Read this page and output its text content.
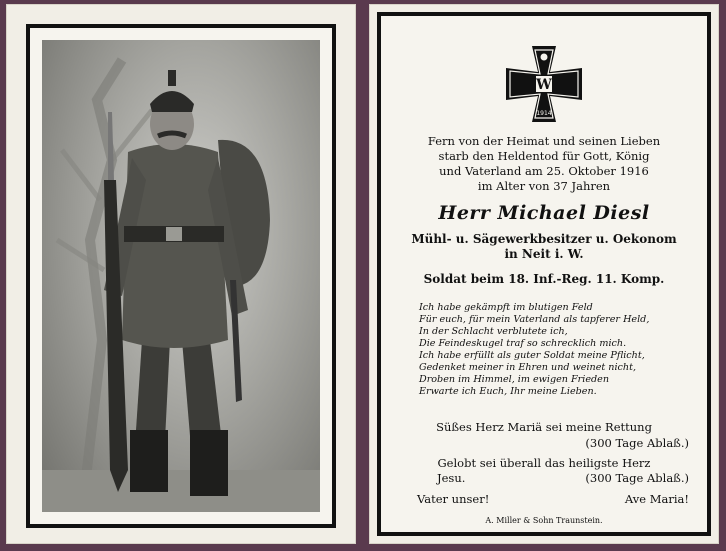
W
1914
Fern von der Heimat und seinen Lieben
starb den Heldentod für Gott, König
und Vaterland am 25. Oktober 1916
im Alter von 37 Jahren
Herr Michael Diesl
Mühl- u. Sägewerkbesitzer u. Oekonom
in Neit i. W.
Soldat beim 18. Inf.-Reg. 11. Komp.
Ich habe gekämpft im blutigen Feld
Für euch, für mein Vaterland als tapferer Held,
In der Schlacht verblutete ich,
Die Feindeskugel traf so schrecklich mich.
Ich habe erfüllt als guter Soldat meine Pflicht,
Gedenket meiner in Ehren und weinet nicht,
Droben im Himmel, im ewigen Frieden
Erwarte ich Euch, Ihr meine Lieben.
Süßes Herz Mariä sei meine Rettung
(300 Tage Ablaß.)
Gelobt sei überall das heiligste Herz
Jesu.	(300 Tage Ablaß.)
Vater unser!	Ave Maria!
A. Miller & Sohn Traunstein.
